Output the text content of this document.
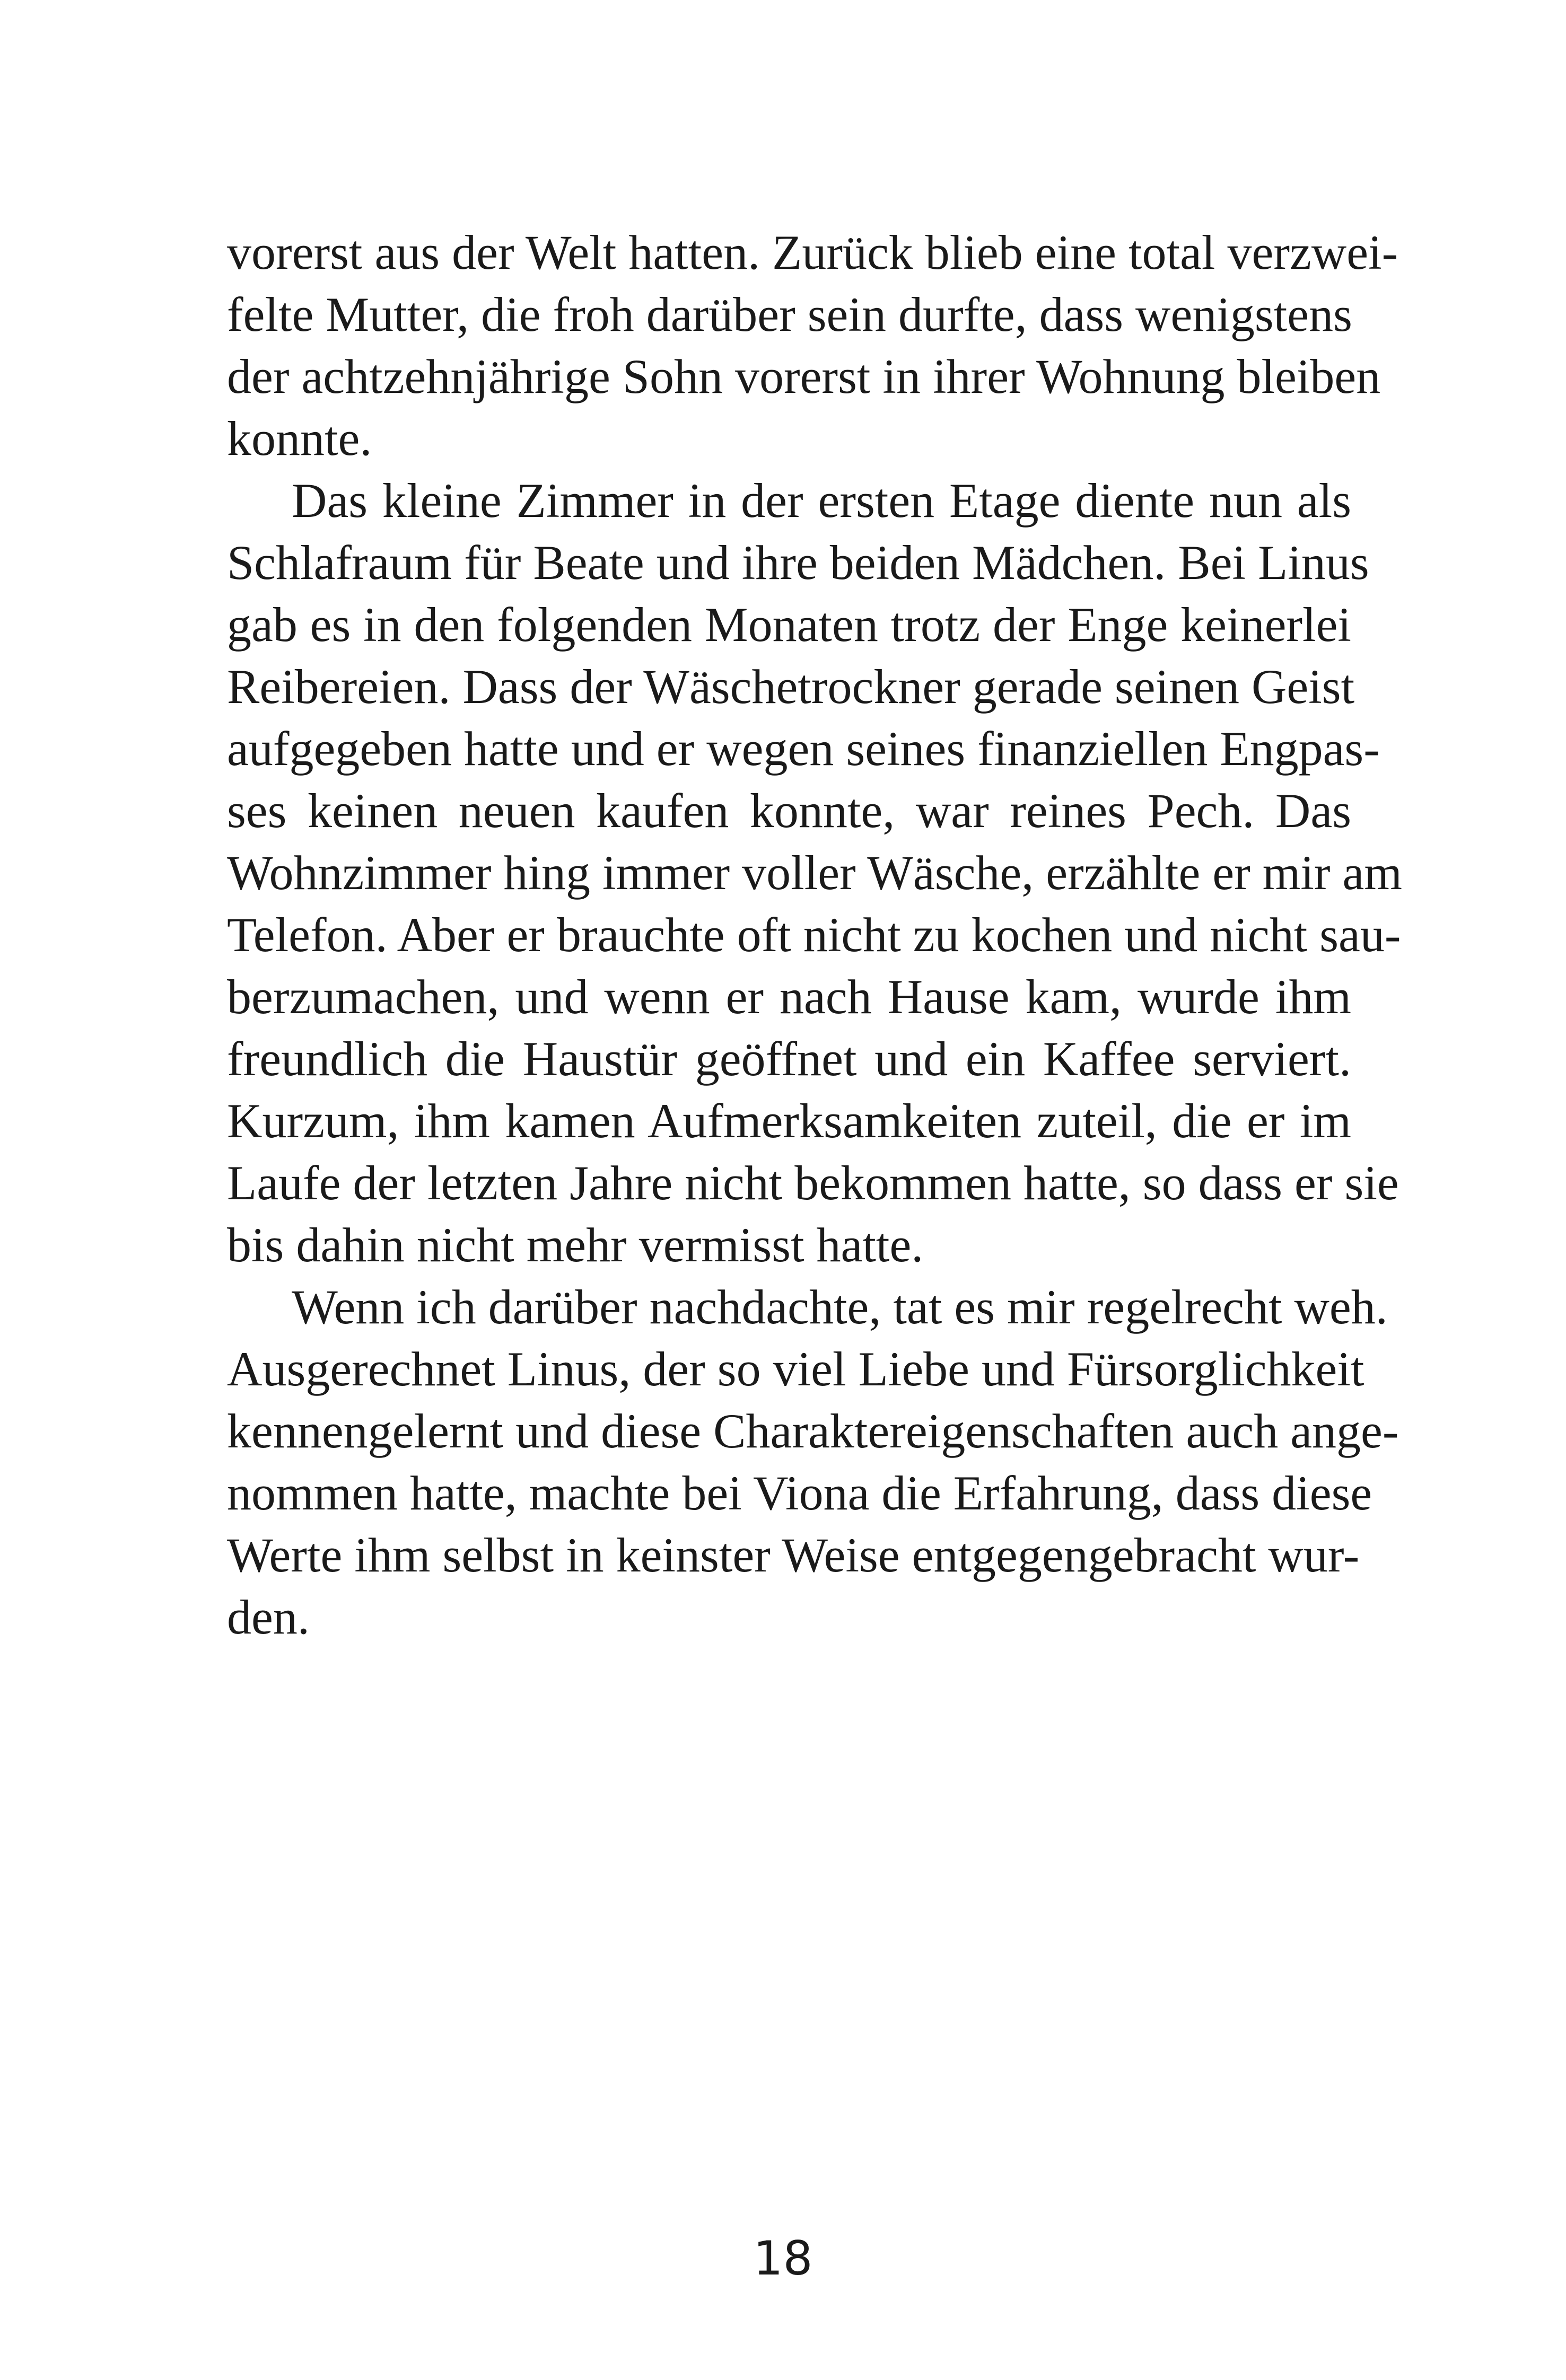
vorerst aus der Welt hatten. Zurück blieb eine total verzwei-
felte Mutter, die froh darüber sein durfte, dass wenigstens
der achtzehnjährige Sohn vorerst in ihrer Wohnung bleiben
konnte.
Das kleine Zimmer in der ersten Etage diente nun als
Schlafraum für Beate und ihre beiden Mädchen. Bei Linus
gab es in den folgenden Monaten trotz der Enge keinerlei
Reibereien. Dass der Wäschetrockner gerade seinen Geist
aufgegeben hatte und er wegen seines finanziellen Engpas-
ses keinen neuen kaufen konnte, war reines Pech. Das
Wohnzimmer hing immer voller Wäsche, erzählte er mir am
Telefon. Aber er brauchte oft nicht zu kochen und nicht sau-
berzumachen, und wenn er nach Hause kam, wurde ihm
freundlich die Haustür geöffnet und ein Kaffee serviert.
Kurzum, ihm kamen Aufmerksamkeiten zuteil, die er im
Laufe der letzten Jahre nicht bekommen hatte, so dass er sie
bis dahin nicht mehr vermisst hatte.
Wenn ich darüber nachdachte, tat es mir regelrecht weh.
Ausgerechnet Linus, der so viel Liebe und Fürsorglichkeit
kennengelernt und diese Charaktereigenschaften auch ange-
nommen hatte, machte bei Viona die Erfahrung, dass diese
Werte ihm selbst in keinster Weise entgegengebracht wur-
den.
18
